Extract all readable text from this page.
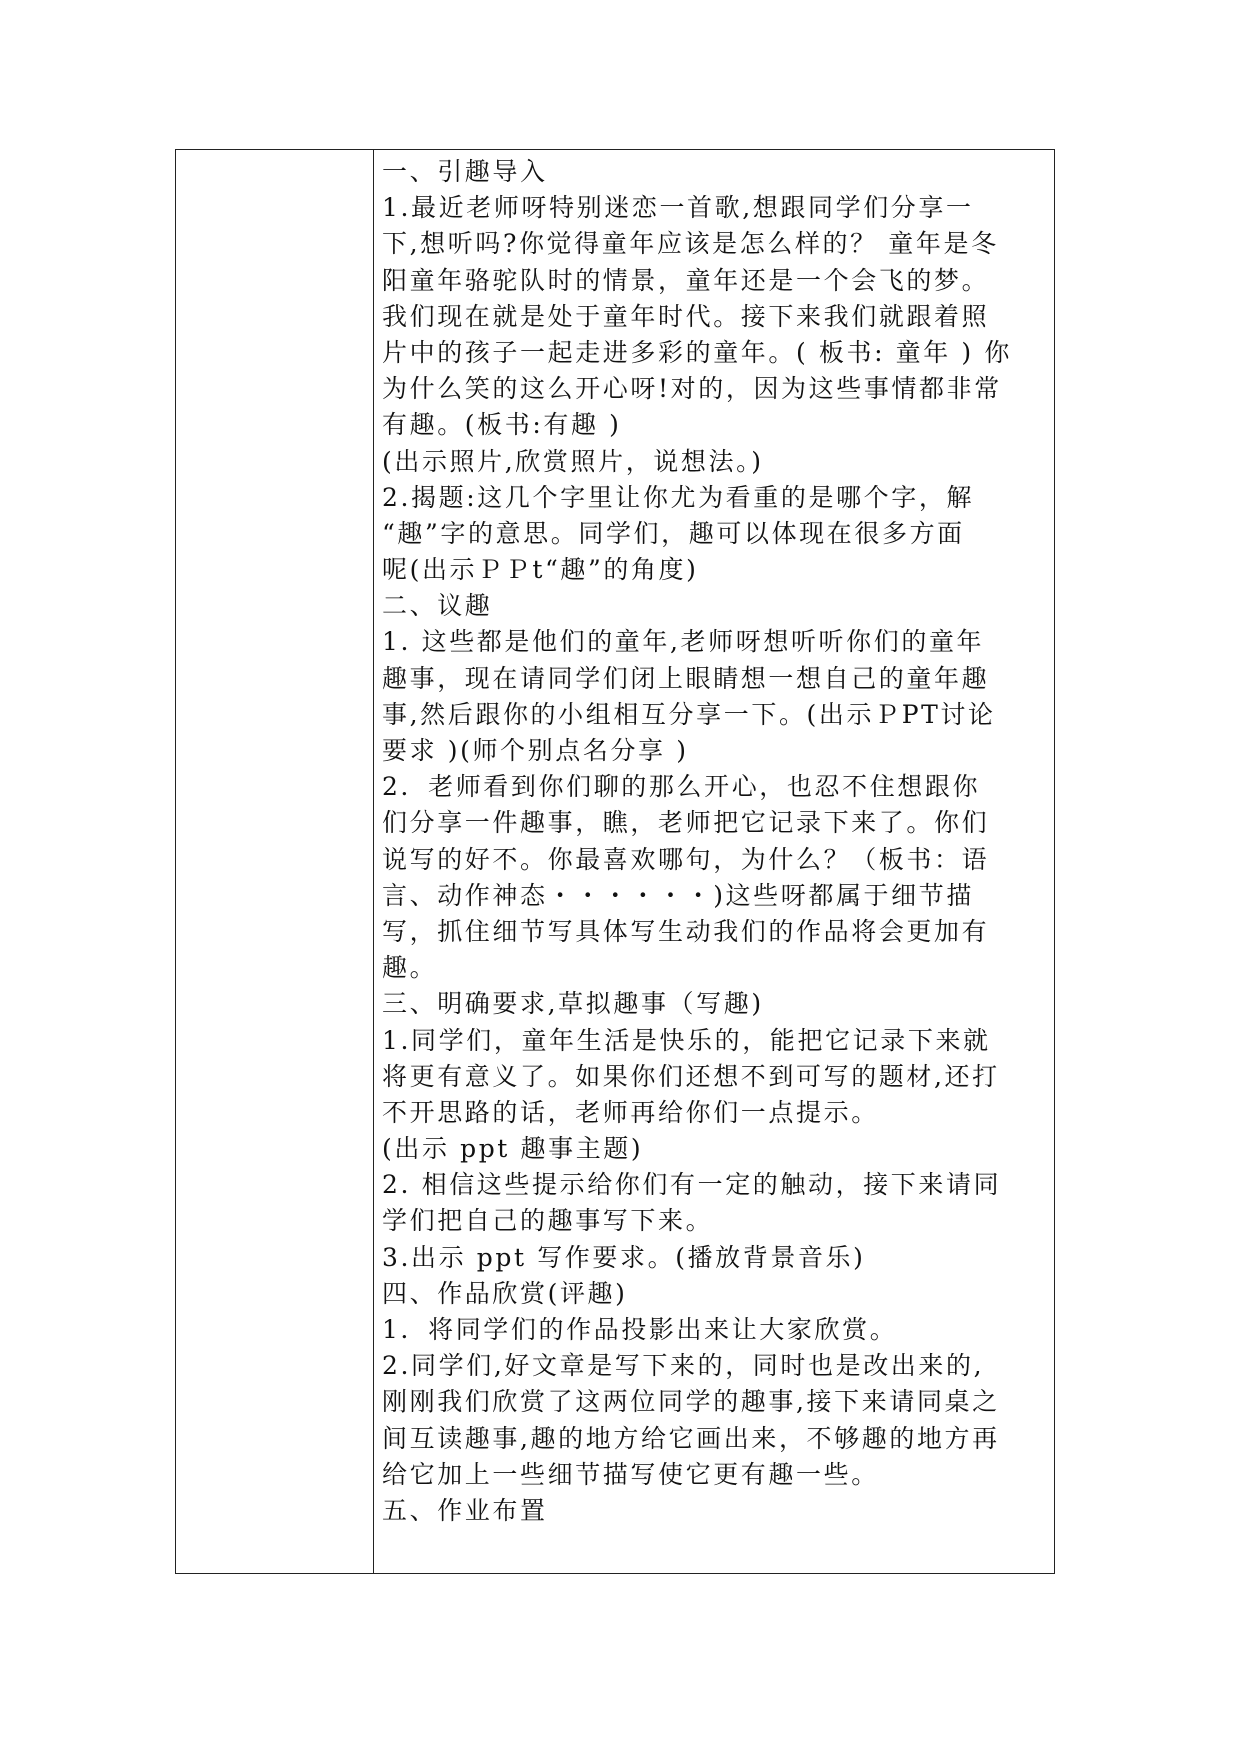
一、引趣导入
1.最近老师呀特别迷恋一首歌,想跟同学们分享一
下,想听吗?你觉得童年应该是怎么样的？ 童年是冬
阳童年骆驼队时的情景，童年还是一个会飞的梦。
我们现在就是处于童年时代。接下来我们就跟着照
片中的孩子一起走进多彩的童年。( 板书: 童年 ) 你
为什么笑的这么开心呀!对的，因为这些事情都非常
有趣。(板书:有趣 )
(出示照片,欣赏照片，说想法。)
2.揭题:这几个字里让你尤为看重的是哪个字，解
“趣”字的意思。同学们，趣可以体现在很多方面
呢(出示ＰＰt“趣”的角度)
二、议趣
1. 这些都是他们的童年,老师呀想听听你们的童年
趣事，现在请同学们闭上眼睛想一想自己的童年趣
事,然后跟你的小组相互分享一下。(出示ＰPT讨论
要求 )(师个别点名分享 )
2．老师看到你们聊的那么开心，也忍不住想跟你
们分享一件趣事，瞧，老师把它记录下来了。你们
说写的好不。你最喜欢哪句，为什么？（板书：语
言、动作神态・・・・・・)这些呀都属于细节描
写，抓住细节写具体写生动我们的作品将会更加有
趣。
三、明确要求,草拟趣事（写趣)
1.同学们，童年生活是快乐的，能把它记录下来就
将更有意义了。如果你们还想不到可写的题材,还打
不开思路的话，老师再给你们一点提示。
(出示 ppt 趣事主题)
2. 相信这些提示给你们有一定的触动，接下来请同
学们把自己的趣事写下来。
3.出示 ppt 写作要求。(播放背景音乐)
四、作品欣赏(评趣)
1．将同学们的作品投影出来让大家欣赏。
2.同学们,好文章是写下来的，同时也是改出来的,
刚刚我们欣赏了这两位同学的趣事,接下来请同桌之
间互读趣事,趣的地方给它画出来，不够趣的地方再
给它加上一些细节描写使它更有趣一些。
五、作业布置
